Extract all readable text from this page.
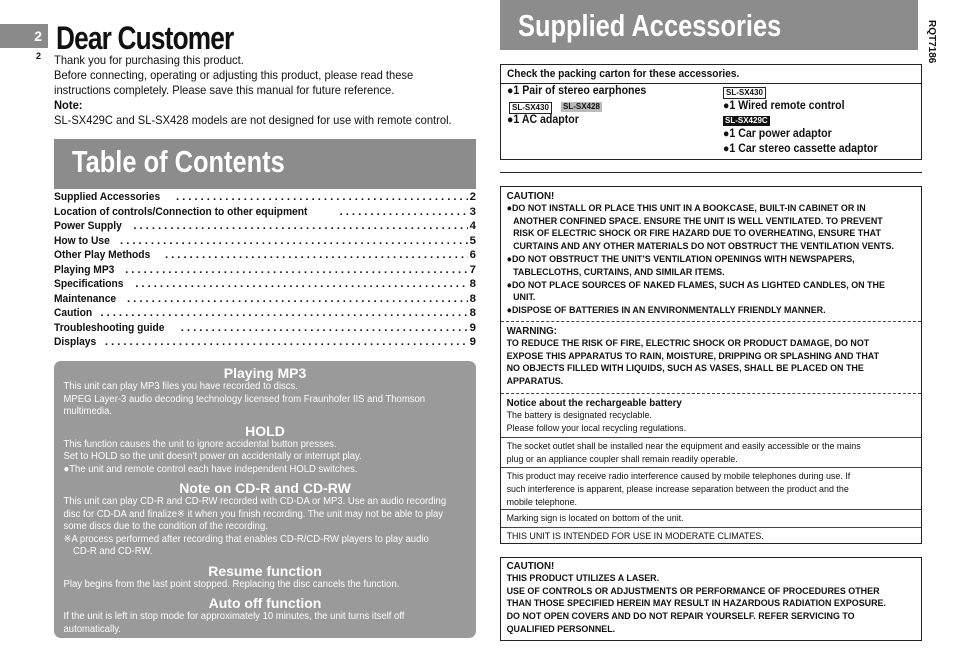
2
2 Dear Customer
Thank you for purchasing this product.
Before connecting, operating or adjusting this product, please read these
instructions completely. Please save this manual for future reference.
Note:
SL-SX429C and SL-SX428 models are not designed for use with remote control.
Table of Contents
Supplied Accessories .....	2
Location of controls/Connection to other equipment .....	3
Power Supply .....	4
How to Use .....	5
Other Play Methods .....	6
Playing MP3 .....	7
Specifications .....	8
Maintenance .....	8
Caution .....	8
Troubleshooting guide .....	9
Displays .....	9
Playing MP3
This unit can play MP3 files you have recorded to discs.
MPEG Layer-3 audio decoding technology licensed from Fraunhofer IIS and Thomson
multimedia.
HOLD
This function causes the unit to ignore accidental button presses.
Set to HOLD so the unit doesn’t power on accidentally or interrupt play.
●The unit and remote control each have independent HOLD switches.
Note on CD-R and CD-RW
This unit can play CD-R and CD-RW recorded with CD-DA or MP3. Use an audio recording
disc for CD-DA and finalize※ it when you finish recording. The unit may not be able to play
some discs due to the condition of the recording.
※A process performed after recording that enables CD-R/CD-RW players to play audio
CD-R and CD-RW.
Resume function
Play begins from the last point stopped. Replacing the disc cancels the function.
Auto off function
If the unit is left in stop mode for approximately 10 minutes, the unit turns itself off
automatically.
Supplied Accessories	RQT7186
Check the packing carton for these accessories.
●1 Pair of stereo earphones
SL-SX430	SL-SX428
●1 AC adaptor
SL-SX430
●1 Wired remote control
SL-SX429C
●1 Car power adaptor
●1 Car stereo cassette adaptor
CAUTION!
●DO NOT INSTALL OR PLACE THIS UNIT IN A BOOKCASE, BUILT-IN CABINET OR IN
ANOTHER CONFINED SPACE. ENSURE THE UNIT IS WELL VENTILATED. TO PREVENT
RISK OF ELECTRIC SHOCK OR FIRE HAZARD DUE TO OVERHEATING, ENSURE THAT
CURTAINS AND ANY OTHER MATERIALS DO NOT OBSTRUCT THE VENTILATION VENTS.
●DO NOT OBSTRUCT THE UNIT’S VENTILATION OPENINGS WITH NEWSPAPERS,
TABLECLOTHS, CURTAINS, AND SIMILAR ITEMS.
●DO NOT PLACE SOURCES OF NAKED FLAMES, SUCH AS LIGHTED CANDLES, ON THE
UNIT.
●DISPOSE OF BATTERIES IN AN ENVIRONMENTALLY FRIENDLY MANNER.
WARNING:
TO REDUCE THE RISK OF FIRE, ELECTRIC SHOCK OR PRODUCT DAMAGE, DO NOT
EXPOSE THIS APPARATUS TO RAIN, MOISTURE, DRIPPING OR SPLASHING AND THAT
NO OBJECTS FILLED WITH LIQUIDS, SUCH AS VASES, SHALL BE PLACED ON THE
APPARATUS.
Notice about the rechargeable battery
The battery is designated recyclable.
Please follow your local recycling regulations.
The socket outlet shall be installed near the equipment and easily accessible or the mains
plug or an appliance coupler shall remain readily operable.
This product may receive radio interference caused by mobile telephones during use. If
such interference is apparent, please increase separation between the product and the
mobile telephone.
Marking sign is located on bottom of the unit.
THIS UNIT IS INTENDED FOR USE IN MODERATE CLIMATES.
CAUTION!
THIS PRODUCT UTILIZES A LASER.
USE OF CONTROLS OR ADJUSTMENTS OR PERFORMANCE OF PROCEDURES OTHER
THAN THOSE SPECIFIED HEREIN MAY RESULT IN HAZARDOUS RADIATION EXPOSURE.
DO NOT OPEN COVERS AND DO NOT REPAIR YOURSELF. REFER SERVICING TO
QUALIFIED PERSONNEL.
